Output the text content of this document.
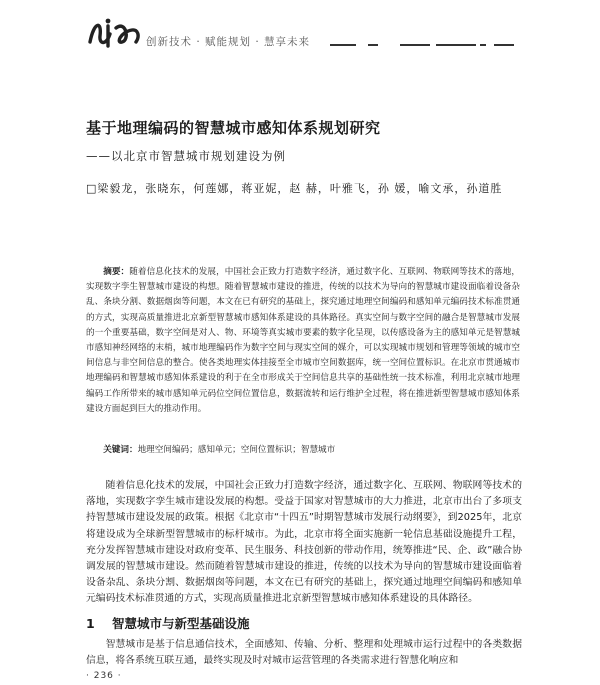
创新技术 · 赋能规划 · 慧享未来
基于地理编码的智慧城市感知体系规划研究
——以北京市智慧城市规划建设为例
□梁毅龙，张晓东，何莲娜，蒋亚妮，赵 赫，叶雅飞，孙 媛，喻文承，孙道胜
摘要：随着信息化技术的发展，中国社会正致力打造数字经济，通过数字化、互联网、物联网等技术的落地，实现数字孪生智慧城市建设的构想。随着智慧城市建设的推进，传统的以技术为导向的智慧城市建设面临着设备杂乱、条块分割、数据烟囱等问题，本文在已有研究的基础上，探究通过地理空间编码和感知单元编码技术标准贯通的方式，实现高质量推进北京新型智慧城市感知体系建设的具体路径。真实空间与数字空间的融合是智慧城市发展的一个重要基础，数字空间是对人、物、环境等真实城市要素的数字化呈现，以传感设备为主的感知单元是智慧城市感知神经网络的末梢，城市地理编码作为数字空间与现实空间的媒介，可以实现城市规划和管理等领域的城市空间信息与非空间信息的整合。使各类地理实体挂接至全市城市空间数据库，统一空间位置标识。在北京市贯通城市地理编码和智慧城市感知体系建设的利于在全市形成关于空间信息共享的基础性统一技术标准，利用北京城市地理编码工作所带来的城市感知单元码位空间位置信息，数据流转和运行维护全过程，将在推进新型智慧城市感知体系建设方面起到巨大的推动作用。
关键词：地理空间编码；感知单元；空间位置标识；智慧城市
随着信息化技术的发展，中国社会正致力打造数字经济，通过数字化、互联网、物联网等技术的落地，实现数字孪生城市建设发展的构想。受益于国家对智慧城市的大力推进，北京市出台了多项支持智慧城市建设发展的政策。根据《北京市“十四五”时期智慧城市发展行动纲要》，到2025年，北京将建设成为全球新型智慧城市的标杆城市。为此，北京市将全面实施新一轮信息基础设施提升工程，充分发挥智慧城市建设对政府变革、民生服务、科技创新的带动作用，统筹推进“民、企、政”融合协调发展的智慧城市建设。然而随着智慧城市建设的推进，传统的以技术为导向的智慧城市建设面临着设备杂乱、条块分割、数据烟囱等问题，本文在已有研究的基础上，探究通过地理空间编码和感知单元编码技术标准贯通的方式，实现高质量推进北京新型智慧城市感知体系建设的具体路径。
1 智慧城市与新型基础设施
智慧城市是基于信息通信技术，全面感知、传输、分析、整理和处理城市运行过程中的各类数据信息，将各系统互联互通，最终实现及时对城市运营管理的各类需求进行智慧化响应和
· 236 ·
